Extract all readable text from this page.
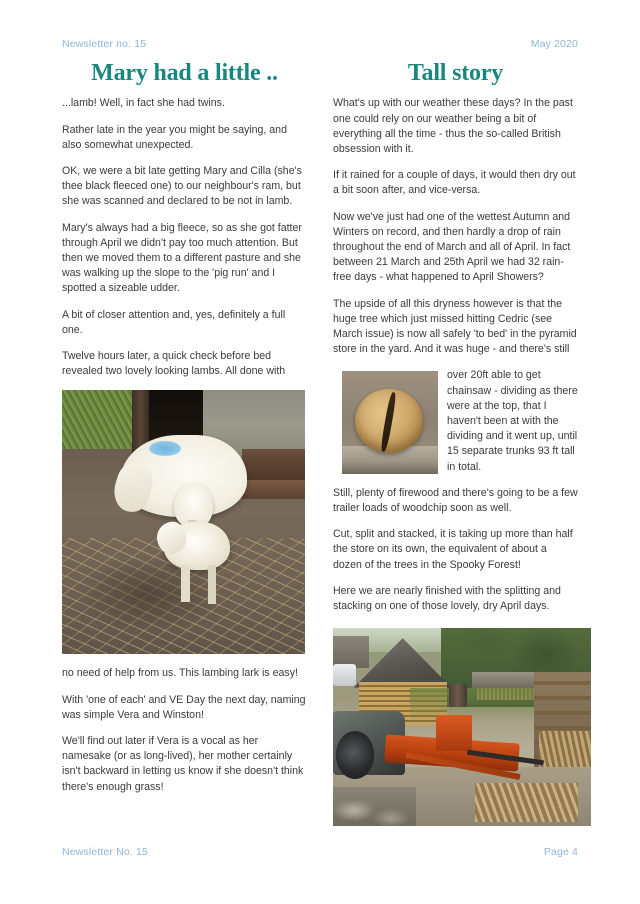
Newsletter no. 15	May 2020
Mary had a little ..

...lamb! Well, in fact she had twins.

Rather late in the year you might be saying, and also somewhat unexpected.

OK, we were a bit late getting Mary and Cilla (she's thee black fleeced one) to our neighbour's ram, but she was scanned and declared to be not in lamb.

Mary's always had a big fleece, so as she got fatter through April we didn't pay too much attention. But then we moved them to a different pasture and she was walking up the slope to the 'pig run' and I spotted a sizeable udder.

A bit of closer attention and, yes, definitely a full one.

Twelve hours later, a quick check before bed revealed two lovely looking lambs. All done with

no need of help from us. This lambing lark is easy!

With 'one of each' and VE Day the next day, naming was simple Vera and Winston!

We'll find out later if Vera is a vocal as her namesake (or as long-lived), her mother certainly isn't backward in letting us know if she doesn't think there's enough grass!

Tall story

What's up with our weather these days? In the past one could rely on our weather being a bit of everything all the time - thus the so-called British obsession with it.

If it rained for a couple of days, it would then dry out a bit soon after, and vice-versa.

Now we've just had one of the wettest Autumn and Winters on record, and then hardly a drop of rain throughout the end of March and all of April. In fact between 21 March and 25th April we had 32 rain-free days - what happened to April Showers?

The upside of all this dryness however is that the huge tree which just missed hitting Cedric (see March issue) is now all safely 'to bed' in the pyramid store in the yard. And it was huge - and there's still

over 20ft able to get chainsaw - dividing as there were at the top, that I haven't been at with the dividing and it went up, until 15 separate trunks 93 ft tall in total.

Still, plenty of firewood and there's going to be a few trailer loads of woodchip soon as well.

Cut, split and stacked, it is taking up more than half the store on its own, the equivalent of about a dozen of the trees in the Spooky Forest!

Here we are nearly finished with the splitting and stacking on one of those lovely, dry April days.

Newsletter No. 15	Page 4
